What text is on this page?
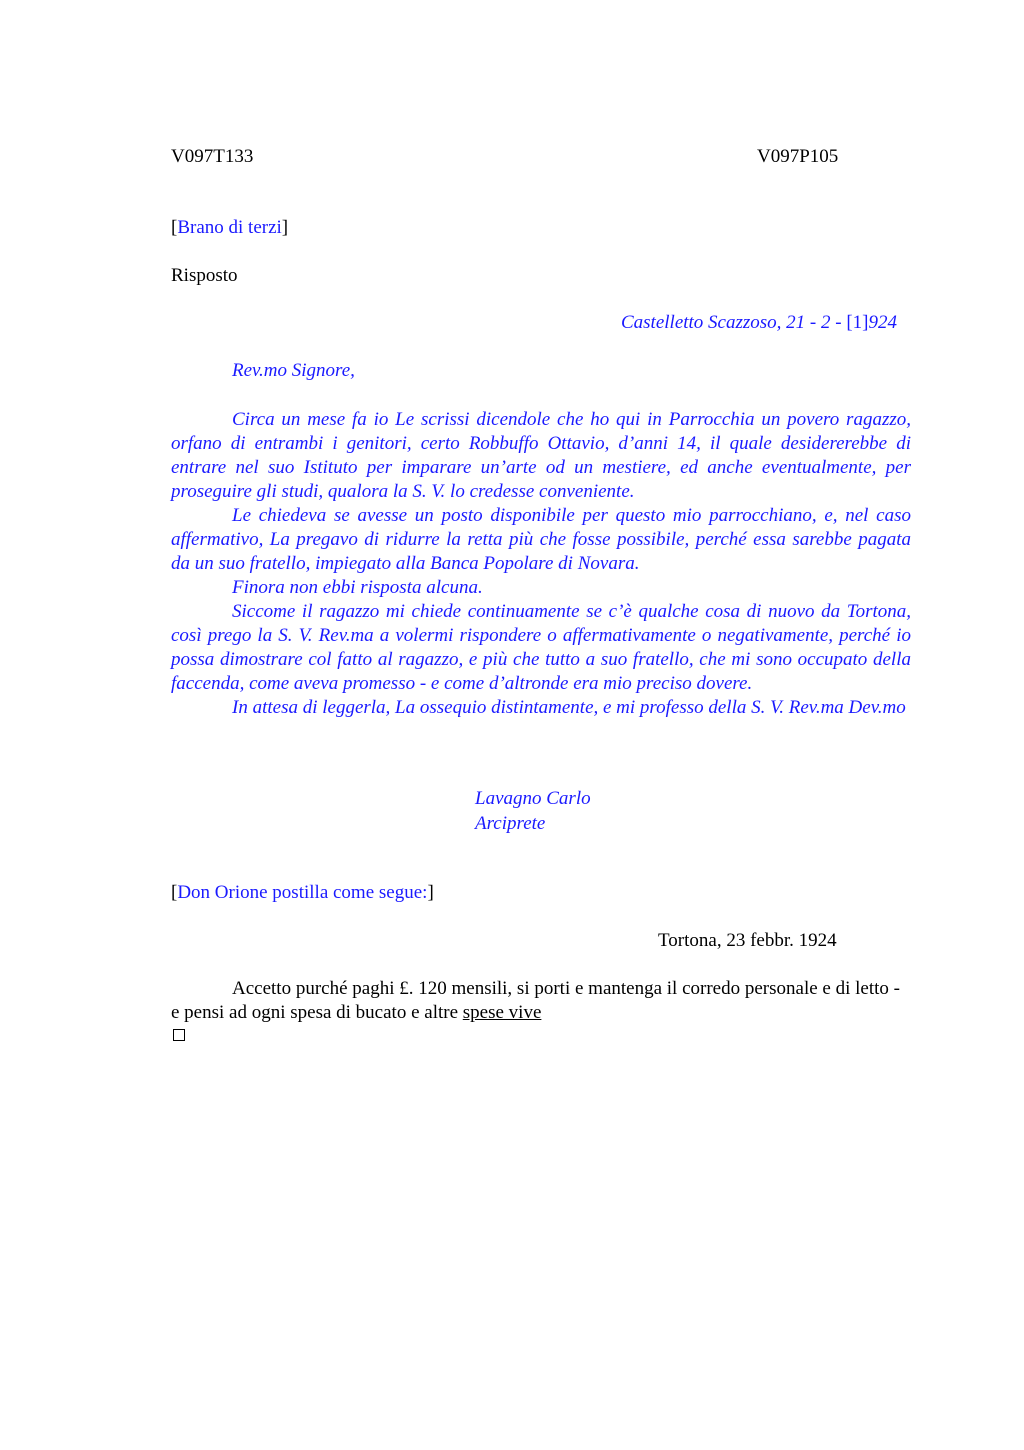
V097T133	V097P105
[Brano di terzi]
Risposto
Castelletto Scazzoso, 21 - 2 - [1]924
Rev.mo Signore,

Circa un mese fa io Le scrissi dicendole che ho qui in Parrocchia un povero ragazzo, orfano di entrambi i genitori, certo Robbuffo Ottavio, d’anni 14, il quale desidererebbe di entrare nel suo Istituto per imparare un’arte od un mestiere, ed anche eventualmente, per proseguire gli studi, qualora la S. V. lo credesse conveniente.

Le chiedeva se avesse un posto disponibile per questo mio parrocchiano, e, nel caso affermativo, La pregavo di ridurre la retta più che fosse possibile, perché essa sarebbe pagata da un suo fratello, impiegato alla Banca Popolare di Novara.

Finora non ebbi risposta alcuna.

Siccome il ragazzo mi chiede continuamente se c’è qualche cosa di nuovo da Tortona, così prego la S. V. Rev.ma a volermi rispondere o affermativamente o negativamente, perché io possa dimostrare col fatto al ragazzo, e più che tutto a suo fratello, che mi sono occupato della faccenda, come aveva promesso - e come d’altronde era mio preciso dovere.

In attesa di leggerla, La ossequio distintamente, e mi professo della S. V. Rev.ma Dev.mo

Lavagno Carlo
Arciprete
[Don Orione postilla come segue:]
Tortona, 23 febbr. 1924

Accetto purché paghi £. 120 mensili, si porti e mantenga il corredo personale e di letto - e pensi ad ogni spesa di bucato e altre spese vive
